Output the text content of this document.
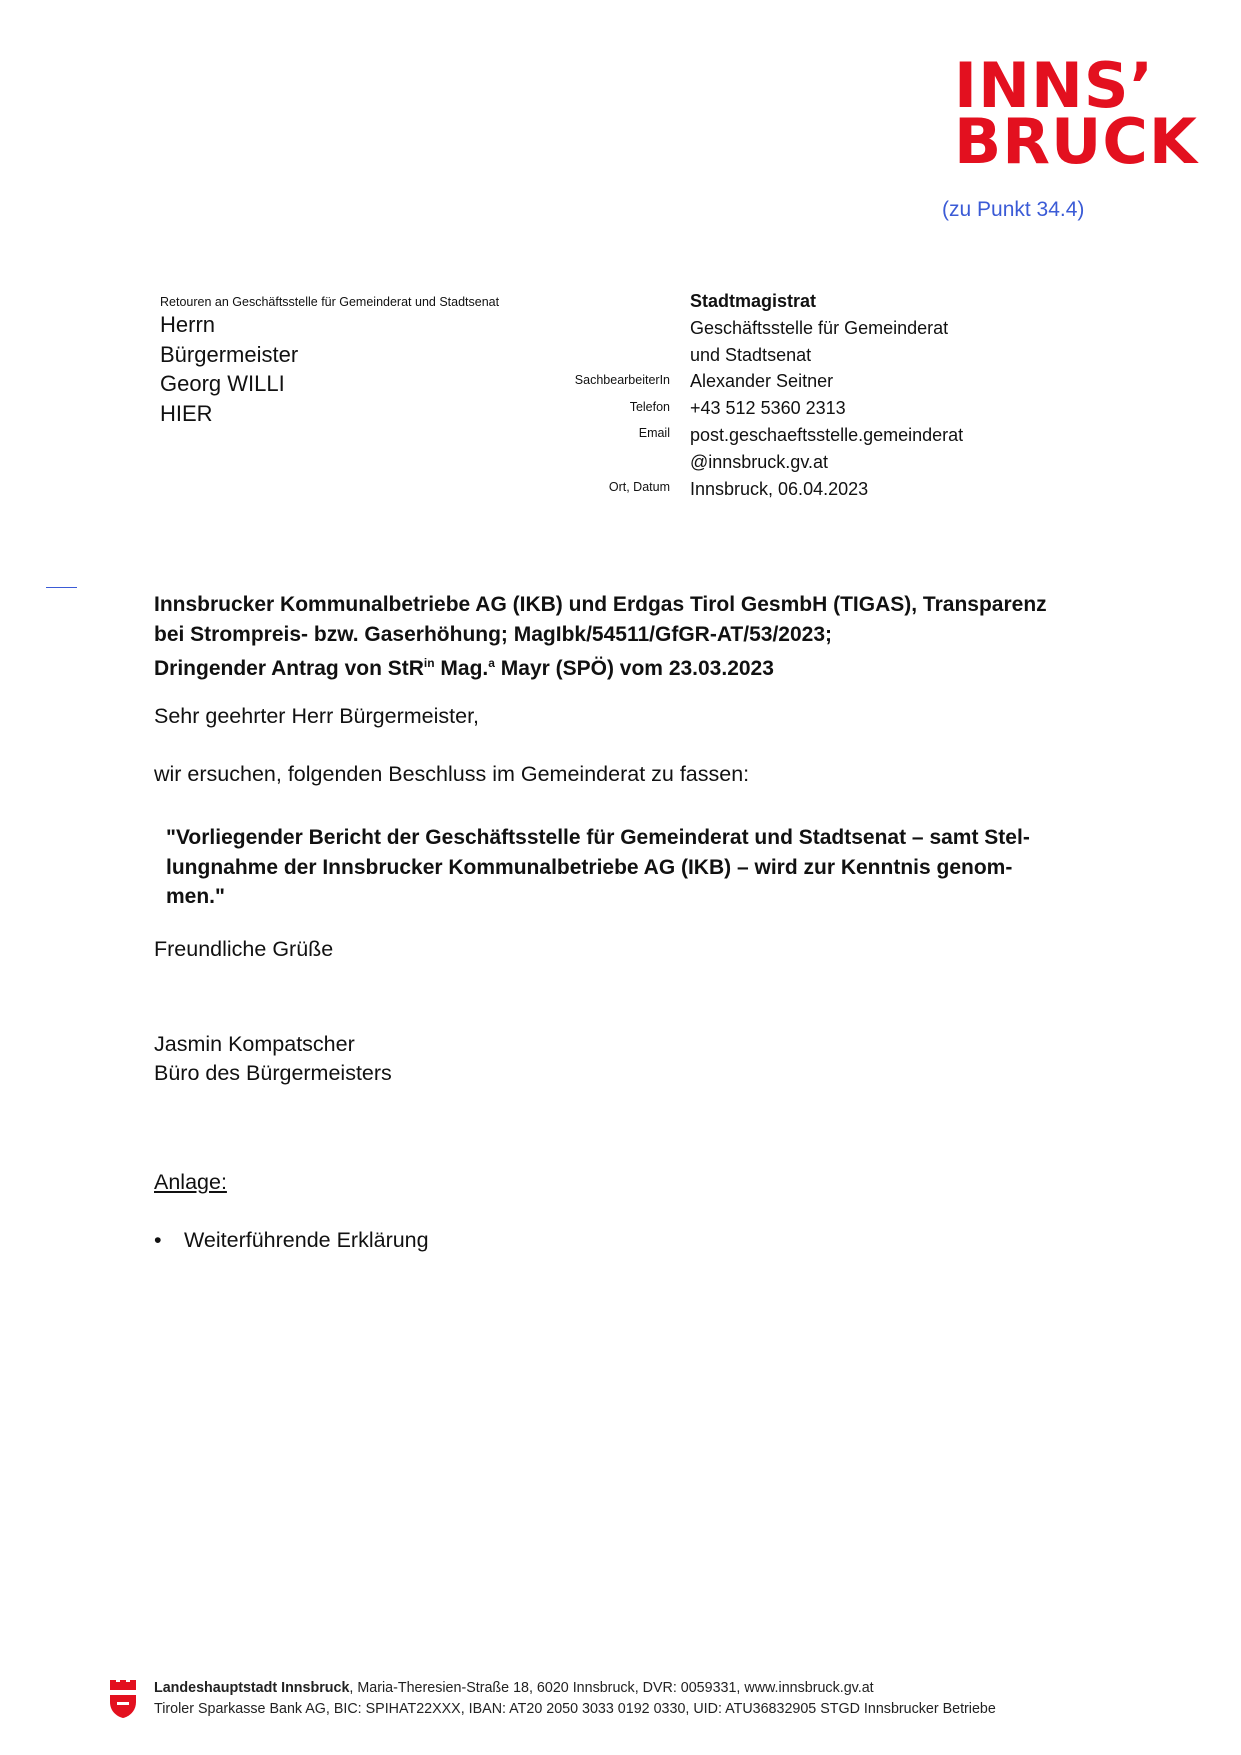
INNS’
BRUCK
(zu Punkt 34.4)
Retouren an Geschäftsstelle für Gemeinderat und Stadtsenat
Herrn
Bürgermeister
Georg WILLI
HIER
SachbearbeiterIn
Telefon
Email
Ort, Datum
Stadtmagistrat
Geschäftsstelle für Gemeinderat
und Stadtsenat
Alexander Seitner
+43 512 5360 2313
post.geschaeftsstelle.gemeinderat
@innsbruck.gv.at
Innsbruck, 06.04.2023
Innsbrucker Kommunalbetriebe AG (IKB) und Erdgas Tirol GesmbH (TIGAS), Transparenz
bei Strompreis- bzw. Gaserhöhung; MagIbk/54511/GfGR-AT/53/2023;
Dringender Antrag von StR$^{in}$ Mag.$^a$ Mayr (SPÖ) vom 23.03.2023
Sehr geehrter Herr Bürgermeister,
wir ersuchen, folgenden Beschluss im Gemeinderat zu fassen:
"Vorliegender Bericht der Geschäftsstelle für Gemeinderat und Stadtsenat – samt Stel-
lungnahme der Innsbrucker Kommunalbetriebe AG (IKB) – wird zur Kenntnis genom-
men."
Freundliche Grüße
Jasmin Kompatscher
Büro des Bürgermeisters
Anlage:
• Weiterführende Erklärung
Landeshauptstadt Innsbruck, Maria-Theresien-Straße 18, 6020 Innsbruck, DVR: 0059331, www.innsbruck.gv.at
Tiroler Sparkasse Bank AG, BIC: SPIHAT22XXX, IBAN: AT20 2050 3033 0192 0330, UID: ATU36832905 STGD Innsbrucker Betriebe
